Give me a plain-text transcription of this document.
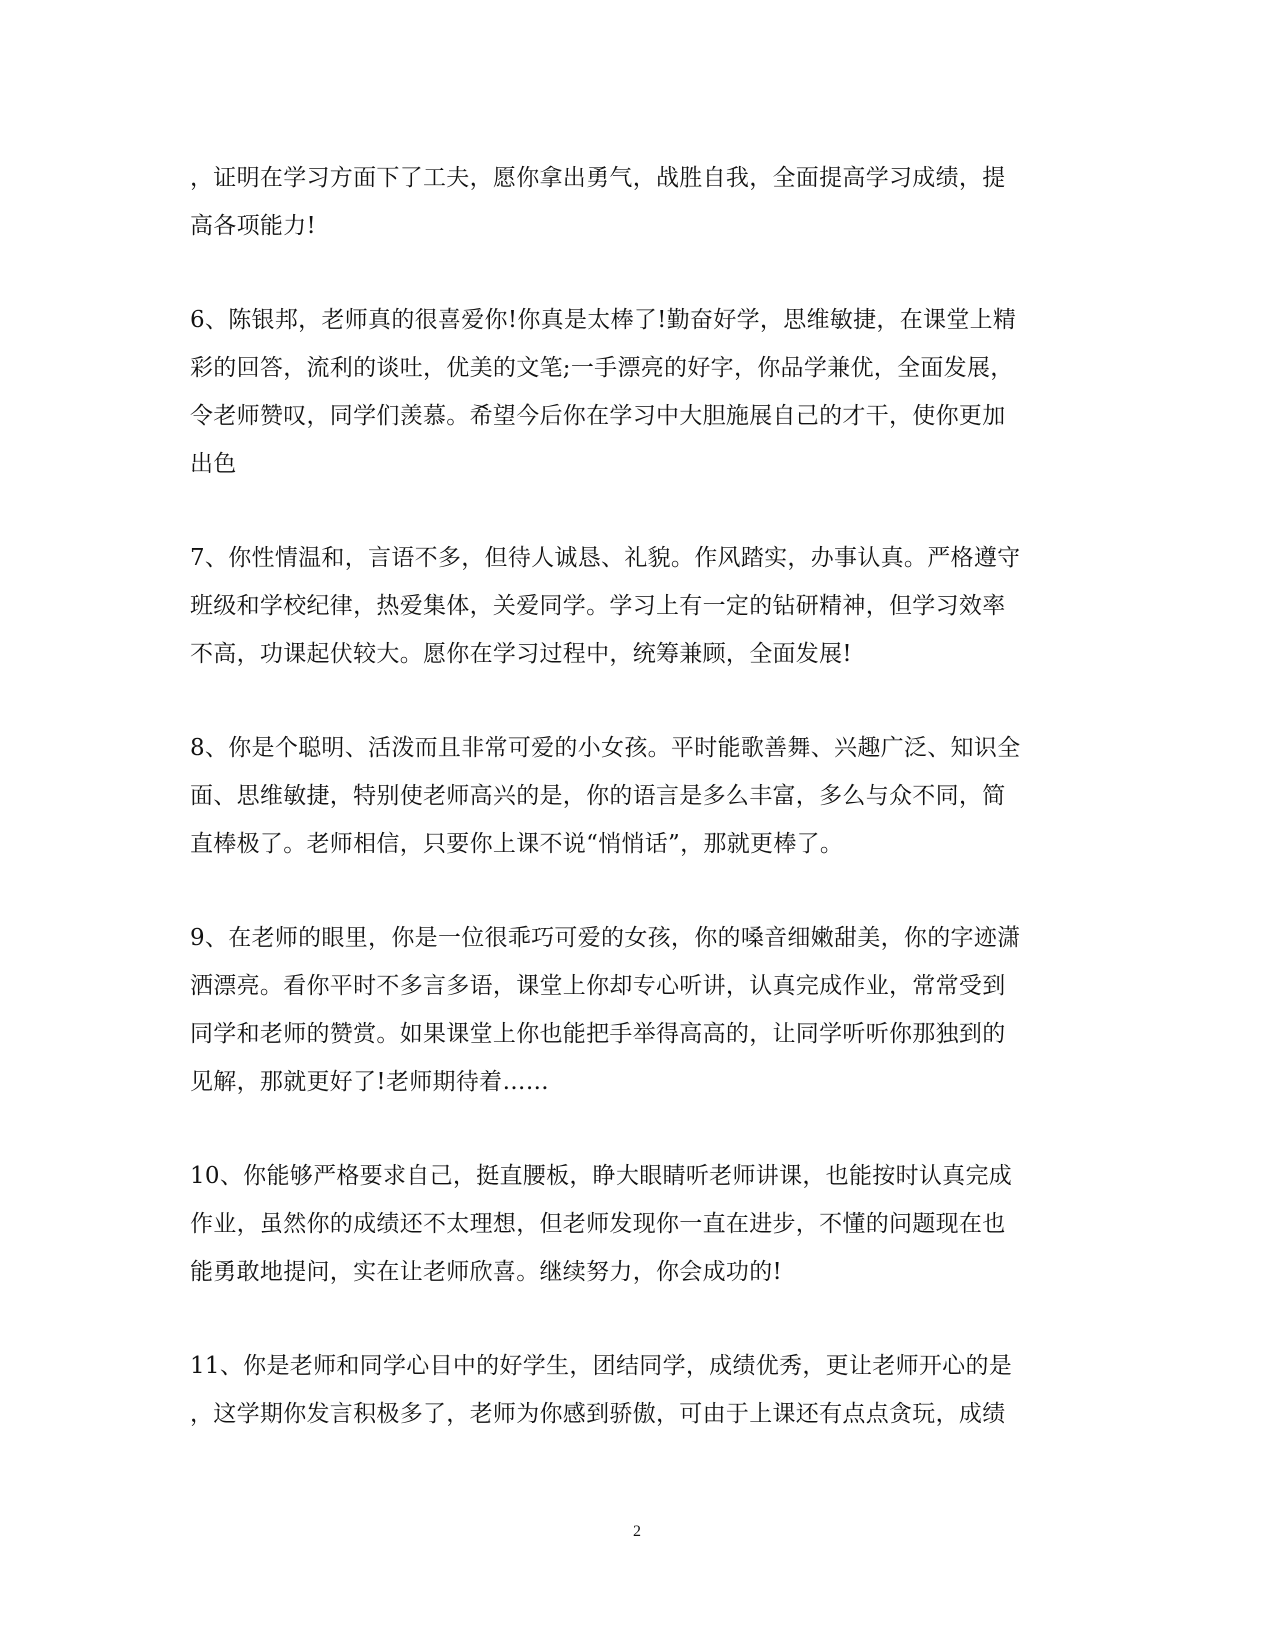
，证明在学习方面下了工夫，愿你拿出勇气，战胜自我，全面提高学习成绩，提
高各项能力!

6、陈银邦，老师真的很喜爱你!你真是太棒了!勤奋好学，思维敏捷，在课堂上精
彩的回答，流利的谈吐，优美的文笔;一手漂亮的好字，你品学兼优，全面发展，
令老师赞叹，同学们羡慕。希望今后你在学习中大胆施展自己的才干，使你更加
出色

7、你性情温和，言语不多，但待人诚恳、礼貌。作风踏实，办事认真。严格遵守
班级和学校纪律，热爱集体，关爱同学。学习上有一定的钻研精神，但学习效率
不高，功课起伏较大。愿你在学习过程中，统筹兼顾，全面发展!

8、你是个聪明、活泼而且非常可爱的小女孩。平时能歌善舞、兴趣广泛、知识全
面、思维敏捷，特别使老师高兴的是，你的语言是多么丰富，多么与众不同，简
直棒极了。老师相信，只要你上课不说“悄悄话”，那就更棒了。

9、在老师的眼里，你是一位很乖巧可爱的女孩，你的嗓音细嫩甜美，你的字迹潇
洒漂亮。看你平时不多言多语，课堂上你却专心听讲，认真完成作业，常常受到
同学和老师的赞赏。如果课堂上你也能把手举得高高的，让同学听听你那独到的
见解，那就更好了!老师期待着……

10、你能够严格要求自己，挺直腰板，睁大眼睛听老师讲课，也能按时认真完成
作业，虽然你的成绩还不太理想，但老师发现你一直在进步，不懂的问题现在也
能勇敢地提问，实在让老师欣喜。继续努力，你会成功的!

11、你是老师和同学心目中的好学生，团结同学，成绩优秀，更让老师开心的是
，这学期你发言积极多了，老师为你感到骄傲，可由于上课还有点点贪玩，成绩

2
